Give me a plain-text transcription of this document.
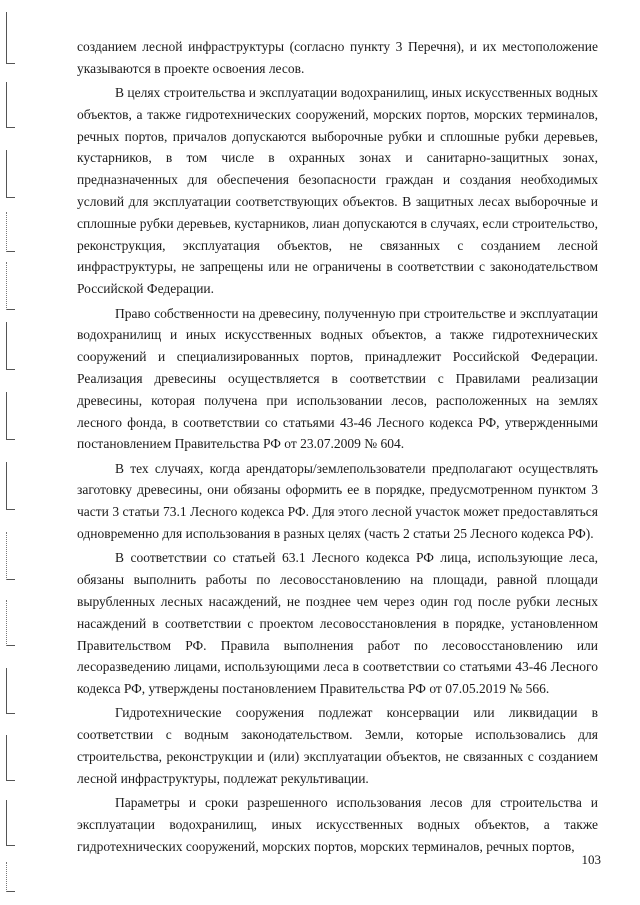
созданием лесной инфраструктуры (согласно пункту 3 Перечня), и их местоположение указываются в проекте освоения лесов.

В целях строительства и эксплуатации водохранилищ, иных искусственных водных объектов, а также гидротехнических сооружений, морских портов, морских терминалов, речных портов, причалов допускаются выборочные рубки и сплошные рубки деревьев, кустарников, в том числе в охранных зонах и санитарно-защитных зонах, предназначенных для обеспечения безопасности граждан и создания необходимых условий для эксплуатации соответствующих объектов. В защитных лесах выборочные и сплошные рубки деревьев, кустарников, лиан допускаются в случаях, если строительство, реконструкция, эксплуатация объектов, не связанных с созданием лесной инфраструктуры, не запрещены или не ограничены в соответствии с законодательством Российской Федерации.

Право собственности на древесину, полученную при строительстве и эксплуатации водохранилищ и иных искусственных водных объектов, а также гидротехнических сооружений и специализированных портов, принадлежит Российской Федерации. Реализация древесины осуществляется в соответствии с Правилами реализации древесины, которая получена при использовании лесов, расположенных на землях лесного фонда, в соответствии со статьями 43-46 Лесного кодекса РФ, утвержденными постановлением Правительства РФ от 23.07.2009 № 604.

В тех случаях, когда арендаторы/землепользователи предполагают осуществлять заготовку древесины, они обязаны оформить ее в порядке, предусмотренном пунктом 3 части 3 статьи 73.1 Лесного кодекса РФ. Для этого лесной участок может предоставляться одновременно для использования в разных целях (часть 2 статьи 25 Лесного кодекса РФ).

В соответствии со статьей 63.1 Лесного кодекса РФ лица, использующие леса, обязаны выполнить работы по лесовосстановлению на площади, равной площади вырубленных лесных насаждений, не позднее чем через один год после рубки лесных насаждений в соответствии с проектом лесовосстановления в порядке, установленном Правительством РФ. Правила выполнения работ по лесовосстановлению или лесоразведению лицами, использующими леса в соответствии со статьями 43-46 Лесного кодекса РФ, утверждены постановлением Правительства РФ от 07.05.2019 № 566.

Гидротехнические сооружения подлежат консервации или ликвидации в соответствии с водным законодательством. Земли, которые использовались для строительства, реконструкции и (или) эксплуатации объектов, не связанных с созданием лесной инфраструктуры, подлежат рекультивации.

Параметры и сроки разрешенного использования лесов для строительства и эксплуатации водохранилищ, иных искусственных водных объектов, а также гидротехнических сооружений, морских портов, морских терминалов, речных портов,

103
